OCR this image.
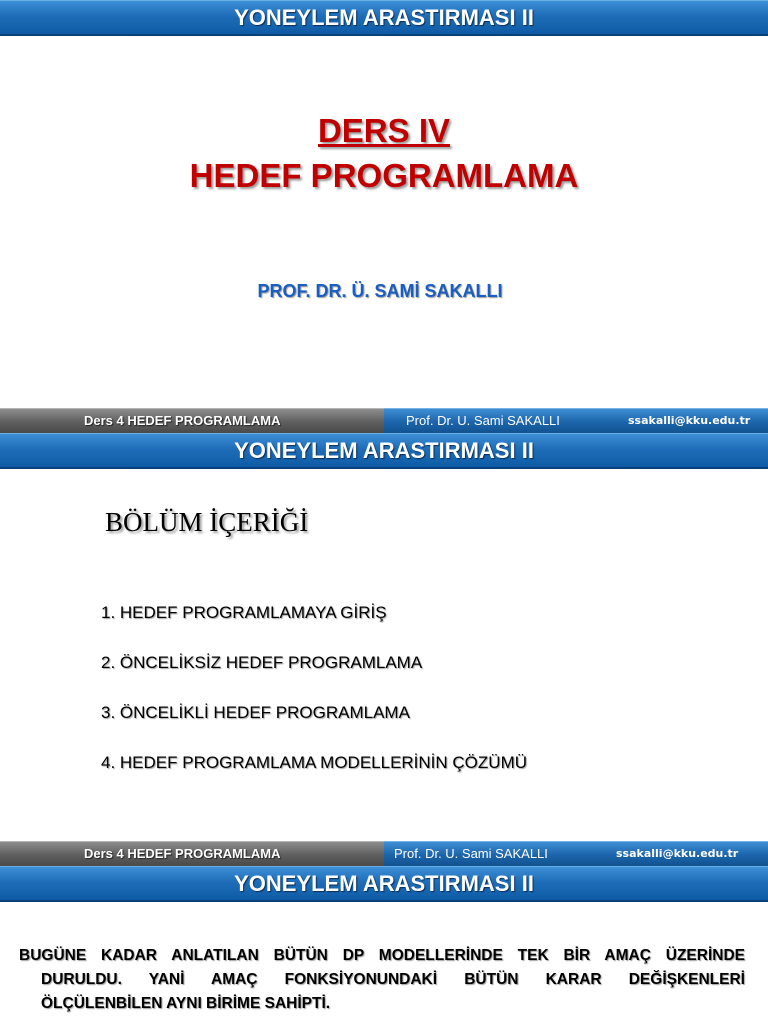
YONEYLEM ARASTIRMASI II
DERS IV
HEDEF PROGRAMLAMA
PROF. DR. Ü. SAMİ SAKALLI
Ders 4 HEDEF PROGRAMLAMA	Prof. Dr. U. Sami SAKALLI	ssakalli@kku.edu.tr
YONEYLEM ARASTIRMASI II
BÖLÜM İÇERİĞİ
1. HEDEF PROGRAMLAMAYA GİRİŞ
2. ÖNCELİKSİZ HEDEF PROGRAMLAMA
3. ÖNCELİKLİ HEDEF PROGRAMLAMA
4. HEDEF PROGRAMLAMA MODELLERİNİN ÇÖZÜMÜ
Ders 4 HEDEF PROGRAMLAMA	Prof. Dr. U. Sami SAKALLI	ssakalli@kku.edu.tr
YONEYLEM ARASTIRMASI II
BUGÜNE KADAR ANLATILAN BÜTÜN DP MODELLERİNDE TEK BİR AMAÇ ÜZERİNDE
DURULDU. YANİ AMAÇ FONKSİYONUNDAKİ BÜTÜN KARAR DEĞİŞKENLERİ
ÖLÇÜLENBİLEN AYNI BİRİME SAHİPTİ.
